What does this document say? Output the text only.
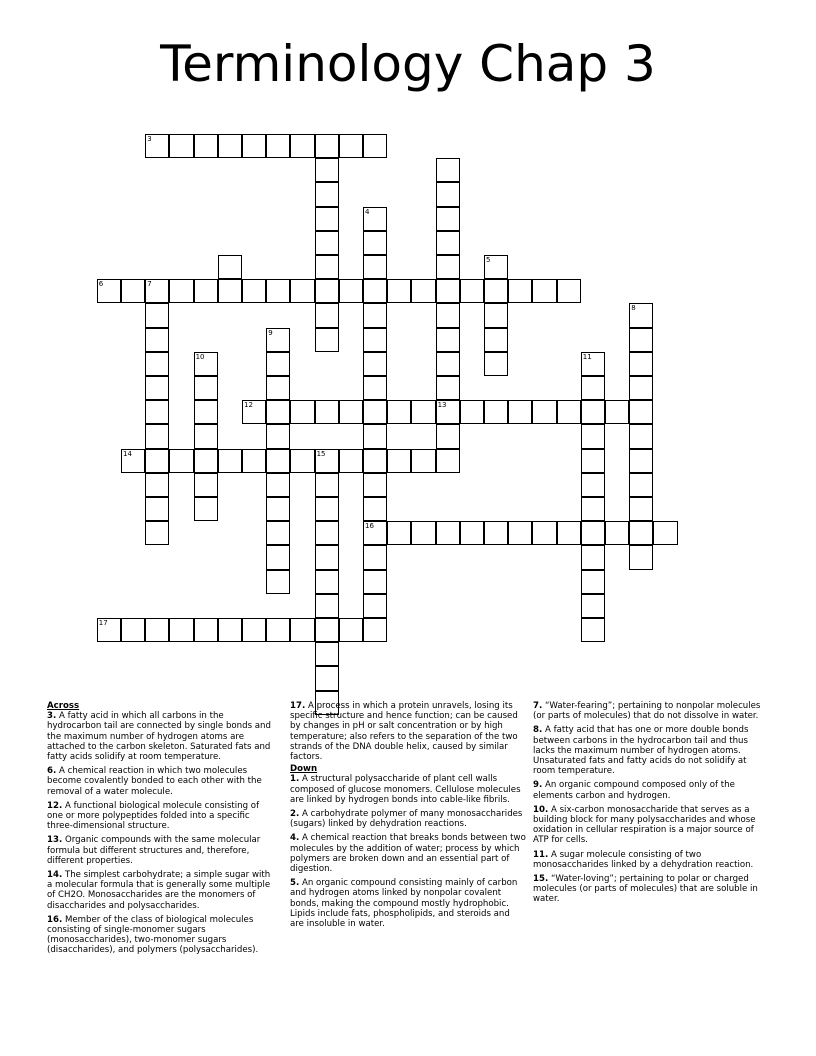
Terminology Chap 3
3
4
5
6	7
8
9
10	11
12	13
14	15
16
17

Across

3. A fatty acid in which all carbons in the hydrocarbon tail are connected by single bonds and the maximum number of hydrogen atoms are attached to the carbon skeleton. Saturated fats and fatty acids solidify at room temperature.

6. A chemical reaction in which two molecules become covalently bonded to each other with the removal of a water molecule.

12. A functional biological molecule consisting of one or more polypeptides folded into a specific three-dimensional structure.

13. Organic compounds with the same molecular formula but different structures and, therefore, different properties.

14. The simplest carbohydrate; a simple sugar with a molecular formula that is generally some multiple of CH2O. Monosaccharides are the monomers of disaccharides and polysaccharides.

16. Member of the class of biological molecules consisting of single-monomer sugars (monosaccharides), two-monomer sugars (disaccharides), and polymers (polysaccharides).

17. A process in which a protein unravels, losing its specific structure and hence function; can be caused by changes in pH or salt concentration or by high temperature; also refers to the separation of the two strands of the DNA double helix, caused by similar factors.

Down

1. A structural polysaccharide of plant cell walls composed of glucose monomers. Cellulose molecules are linked by hydrogen bonds into cable-like fibrils.

2. A carbohydrate polymer of many monosaccharides (sugars) linked by dehydration reactions.

4. A chemical reaction that breaks bonds between two molecules by the addition of water; process by which polymers are broken down and an essential part of digestion.

5. An organic compound consisting mainly of carbon and hydrogen atoms linked by nonpolar covalent bonds, making the compound mostly hydrophobic. Lipids include fats, phospholipids, and steroids and are insoluble in water.

7. “Water-fearing”; pertaining to nonpolar molecules (or parts of molecules) that do not dissolve in water.

8. A fatty acid that has one or more double bonds between carbons in the hydrocarbon tail and thus lacks the maximum number of hydrogen atoms. Unsaturated fats and fatty acids do not solidify at room temperature.

9. An organic compound composed only of the elements carbon and hydrogen.

10. A six-carbon monosaccharide that serves as a building block for many polysaccharides and whose oxidation in cellular respiration is a major source of ATP for cells.

11. A sugar molecule consisting of two monosaccharides linked by a dehydration reaction.

15. “Water-loving”; pertaining to polar or charged molecules (or parts of molecules) that are soluble in water.
